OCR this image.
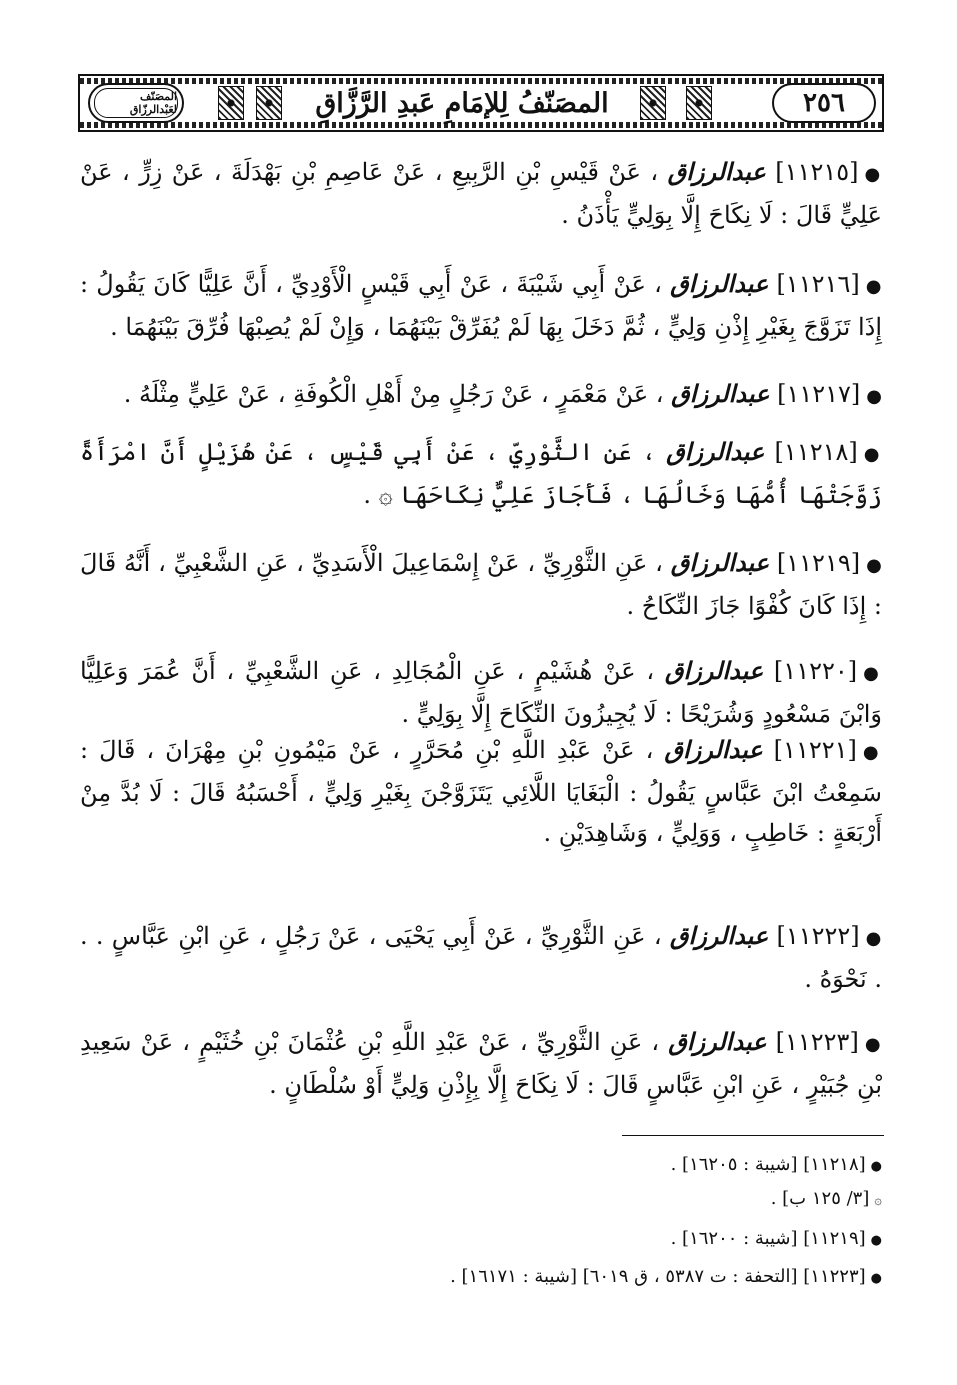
المصَنّف لعَبْدالرزّاق	المصَنّفُ لِلإمَامِ عَبدِ الرَّزَّاقِ	٢٥٦
●[١١٢١٥] عبدالرزاق ، عَنْ قَيْسِ بْنِ الرَّبِيعِ ، عَنْ عَاصِمِ بْنِ بَهْدَلَةَ ، عَنْ زِرٍّ ، عَنْ عَلِيٍّ قَالَ : لَا نِكَاحَ إِلَّا بِوَلِيٍّ يَأْذَنُ .
●[١١٢١٦] عبدالرزاق ، عَنْ أَبِي شَيْبَةَ ، عَنْ أَبِي قَيْسٍ الْأَوْدِيِّ ، أَنَّ عَلِيًّا كَانَ يَقُولُ : إِذَا تَزَوَّجَ بِغَيْرِ إِذْنِ وَلِيٍّ ، ثُمَّ دَخَلَ بِهَا لَمْ يُفَرِّقْ بَيْنَهُمَا ، وَإِنْ لَمْ يُصِبْهَا فُرِّقَ بَيْنَهُمَا .
●[١١٢١٧] عبدالرزاق ، عَنْ مَعْمَرٍ ، عَنْ رَجُلٍ مِنْ أَهْلِ الْكُوفَةِ ، عَنْ عَلِيٍّ مِثْلَهُ .
●[١١٢١٨] عبدالرزاق ، عَنِ الثَّوْرِيِّ ، عَنْ أَبِي قَيْسٍ ، عَنْ هُزَيْلٍ أَنَّ امْرَأَةً زَوَّجَتْهَا أُمُّهَا وَخَالُهَا ، فَأَجَازَ عَلِيٌّ نِكَاحَهَا ۞ .
●[١١٢١٩] عبدالرزاق ، عَنِ الثَّوْرِيِّ ، عَنْ إِسْمَاعِيلَ الْأَسَدِيِّ ، عَنِ الشَّعْبِيِّ ، أَنَّهُ قَالَ : إِذَا كَانَ كُفْوًا جَازَ النِّكَاحُ .
●[١١٢٢٠] عبدالرزاق ، عَنْ هُشَيْمٍ ، عَنِ الْمُجَالِدِ ، عَنِ الشَّعْبِيِّ ، أَنَّ عُمَرَ وَعَلِيًّا وَابْنَ مَسْعُودٍ وَشُرَيْحًا : لَا يُجِيزُونَ النِّكَاحَ إِلَّا بِوَلِيٍّ .
●[١١٢٢١] عبدالرزاق ، عَنْ عَبْدِ اللَّهِ بْنِ مُحَرَّرٍ ، عَنْ مَيْمُونِ بْنِ مِهْرَانَ ، قَالَ : سَمِعْتُ ابْنَ عَبَّاسٍ يَقُولُ : الْبَغَايَا اللَّائِي يَتَزَوَّجْنَ بِغَيْرِ وَلِيٍّ ، أَحْسَبُهُ قَالَ : لَا بُدَّ مِنْ أَرْبَعَةٍ : خَاطِبٍ ، وَوَلِيٍّ ، وَشَاهِدَيْنِ .
●[١١٢٢٢] عبدالرزاق ، عَنِ الثَّوْرِيِّ ، عَنْ أَبِي يَحْيَى ، عَنْ رَجُلٍ ، عَنِ ابْنِ عَبَّاسٍ . . . نَحْوَهُ .
●[١١٢٢٣] عبدالرزاق ، عَنِ الثَّوْرِيِّ ، عَنْ عَبْدِ اللَّهِ بْنِ عُثْمَانَ بْنِ خُثَيْمٍ ، عَنْ سَعِيدِ بْنِ جُبَيْرٍ ، عَنِ ابْنِ عَبَّاسٍ قَالَ : لَا نِكَاحَ إِلَّا بِإِذْنِ وَلِيٍّ أَوْ سُلْطَانٍ .
●[١١٢١٨] [شيبة : ١٦٢٠٥] .
۞[٣/ ١٢٥ ب] .
●[١١٢١٩] [شيبة : ١٦٢٠٠] .
●[١١٢٢٣] [التحفة : ت ٥٣٨٧ ، ق ٦٠١٩] [شيبة : ١٦١٧١] .
